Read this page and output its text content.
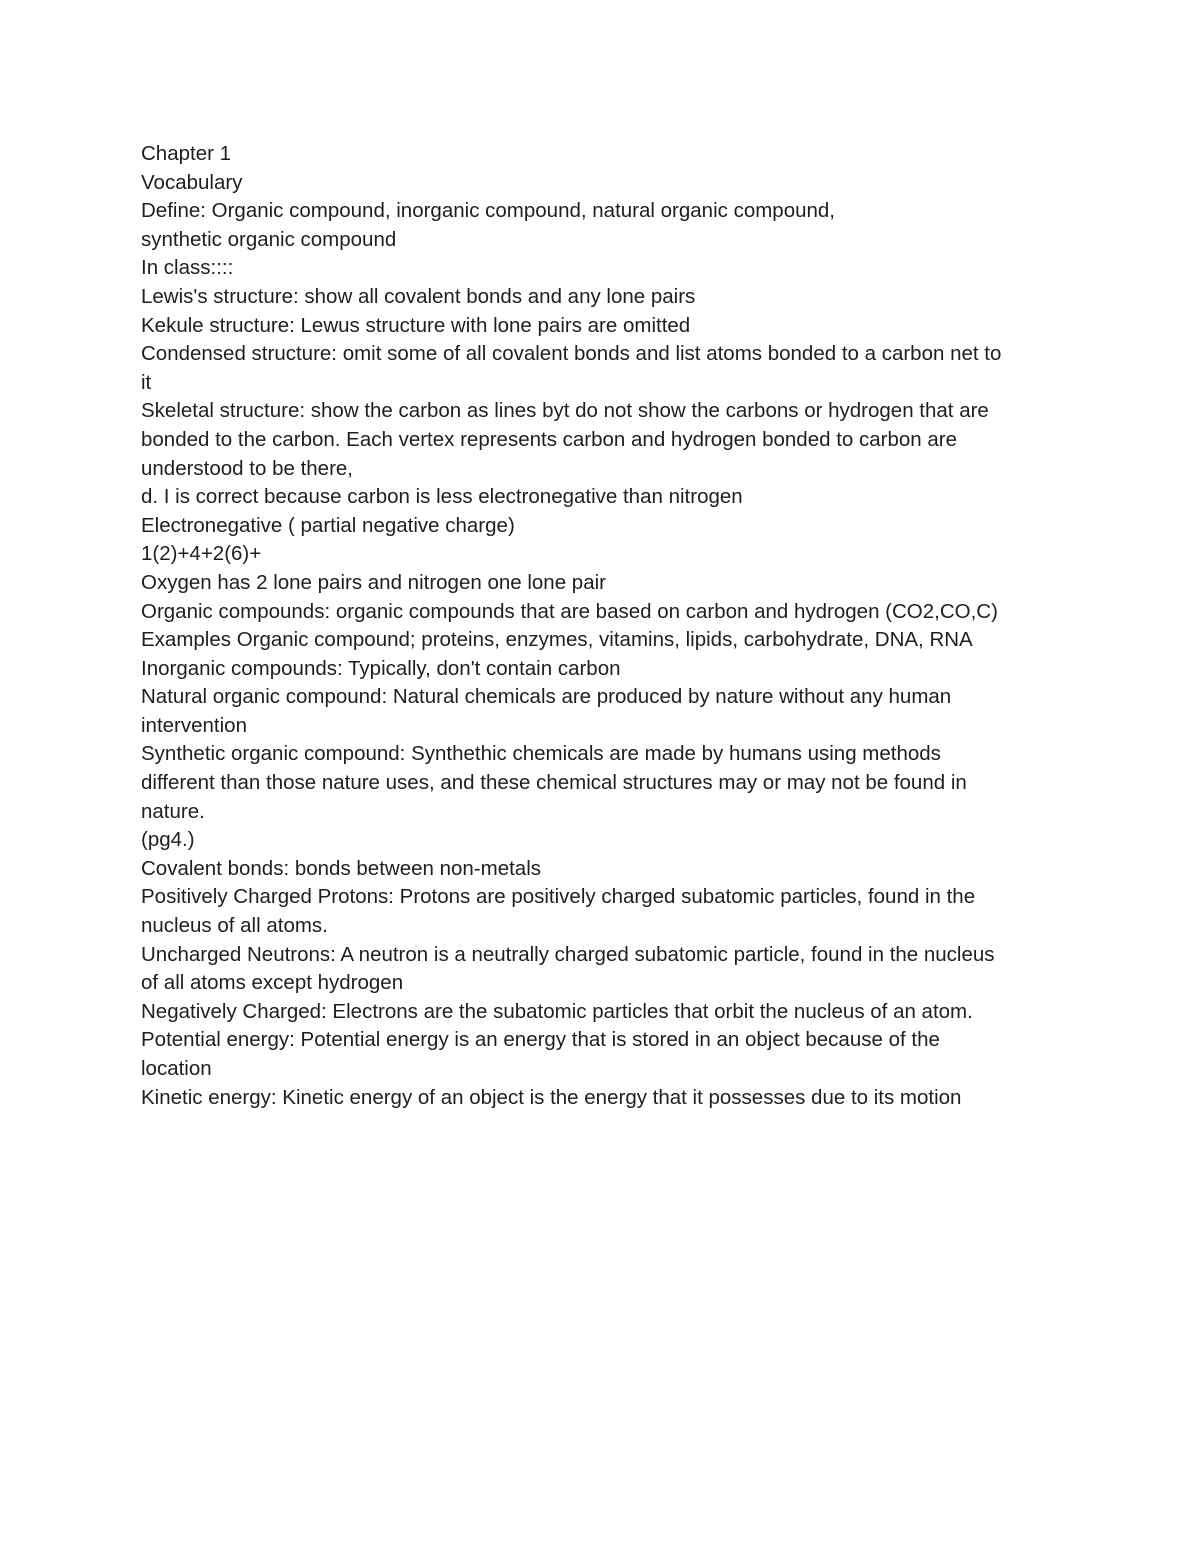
Chapter 1
Vocabulary
Define: Organic compound, inorganic compound, natural organic compound,
synthetic organic compound
In class::::
Lewis's structure: show all covalent bonds and any lone pairs
Kekule structure: Lewus structure with lone pairs are omitted
Condensed structure: omit some of all covalent bonds and list atoms bonded to a carbon net to
it
Skeletal structure: show the carbon as lines byt do not show the carbons or hydrogen that are
bonded to the carbon. Each vertex represents carbon and hydrogen bonded to carbon are
understood to be there,
d. I is correct because carbon is less electronegative than nitrogen
Electronegative ( partial negative charge)
1(2)+4+2(6)+
Oxygen has 2 lone pairs and nitrogen one lone pair
Organic compounds: organic compounds that are based on carbon and hydrogen (CO2,CO,C)
Examples Organic compound; proteins, enzymes, vitamins, lipids, carbohydrate, DNA, RNA
Inorganic compounds: Typically, don't contain carbon
Natural organic compound: Natural chemicals are produced by nature without any human
intervention
Synthetic organic compound: Synthethic chemicals are made by humans using methods
different than those nature uses, and these chemical structures may or may not be found in
nature.
(pg4.)
Covalent bonds: bonds between non-metals
Positively Charged Protons: Protons are positively charged subatomic particles, found in the
nucleus of all atoms.
Uncharged Neutrons: A neutron is a neutrally charged subatomic particle, found in the nucleus
of all atoms except hydrogen
Negatively Charged: Electrons are the subatomic particles that orbit the nucleus of an atom.
Potential energy: Potential energy is an energy that is stored in an object because of the
location
Kinetic energy: Kinetic energy of an object is the energy that it possesses due to its motion
